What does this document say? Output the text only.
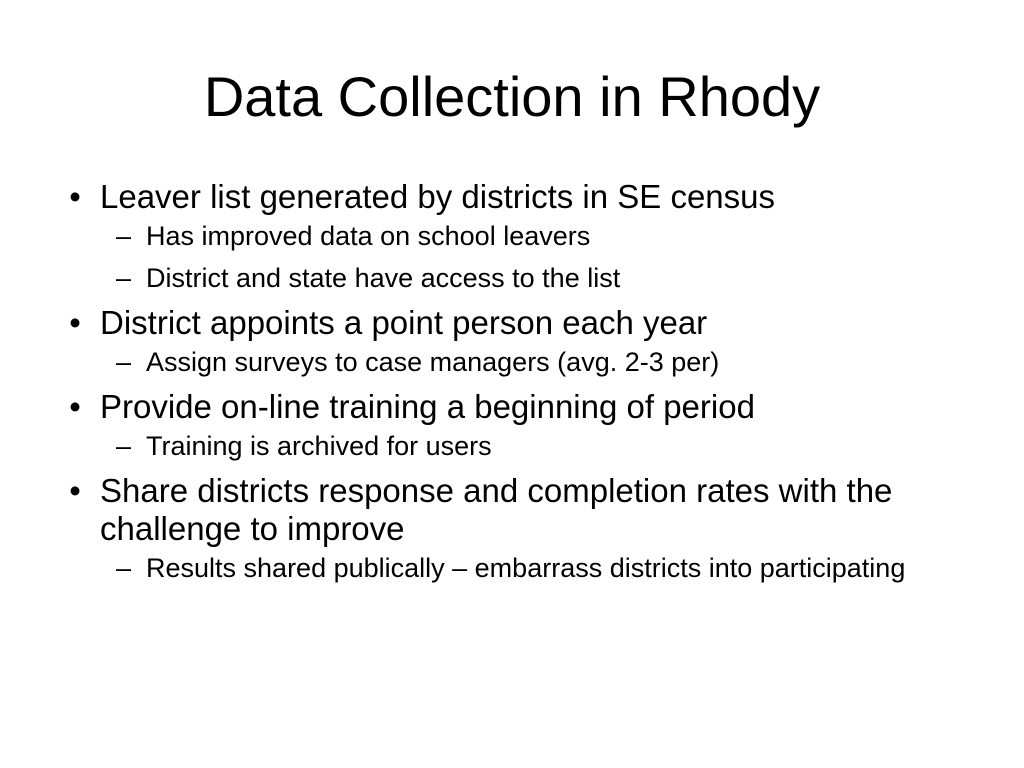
Data Collection in Rhody
• Leaver list generated by districts in SE census
– Has improved data on school leavers
– District and state have access to the list
• District appoints a point person each year
– Assign surveys to case managers (avg. 2-3 per)
• Provide on-line training a beginning of period
– Training is archived for users
• Share districts response and completion rates with the challenge to improve
– Results shared publically – embarrass districts into participating
